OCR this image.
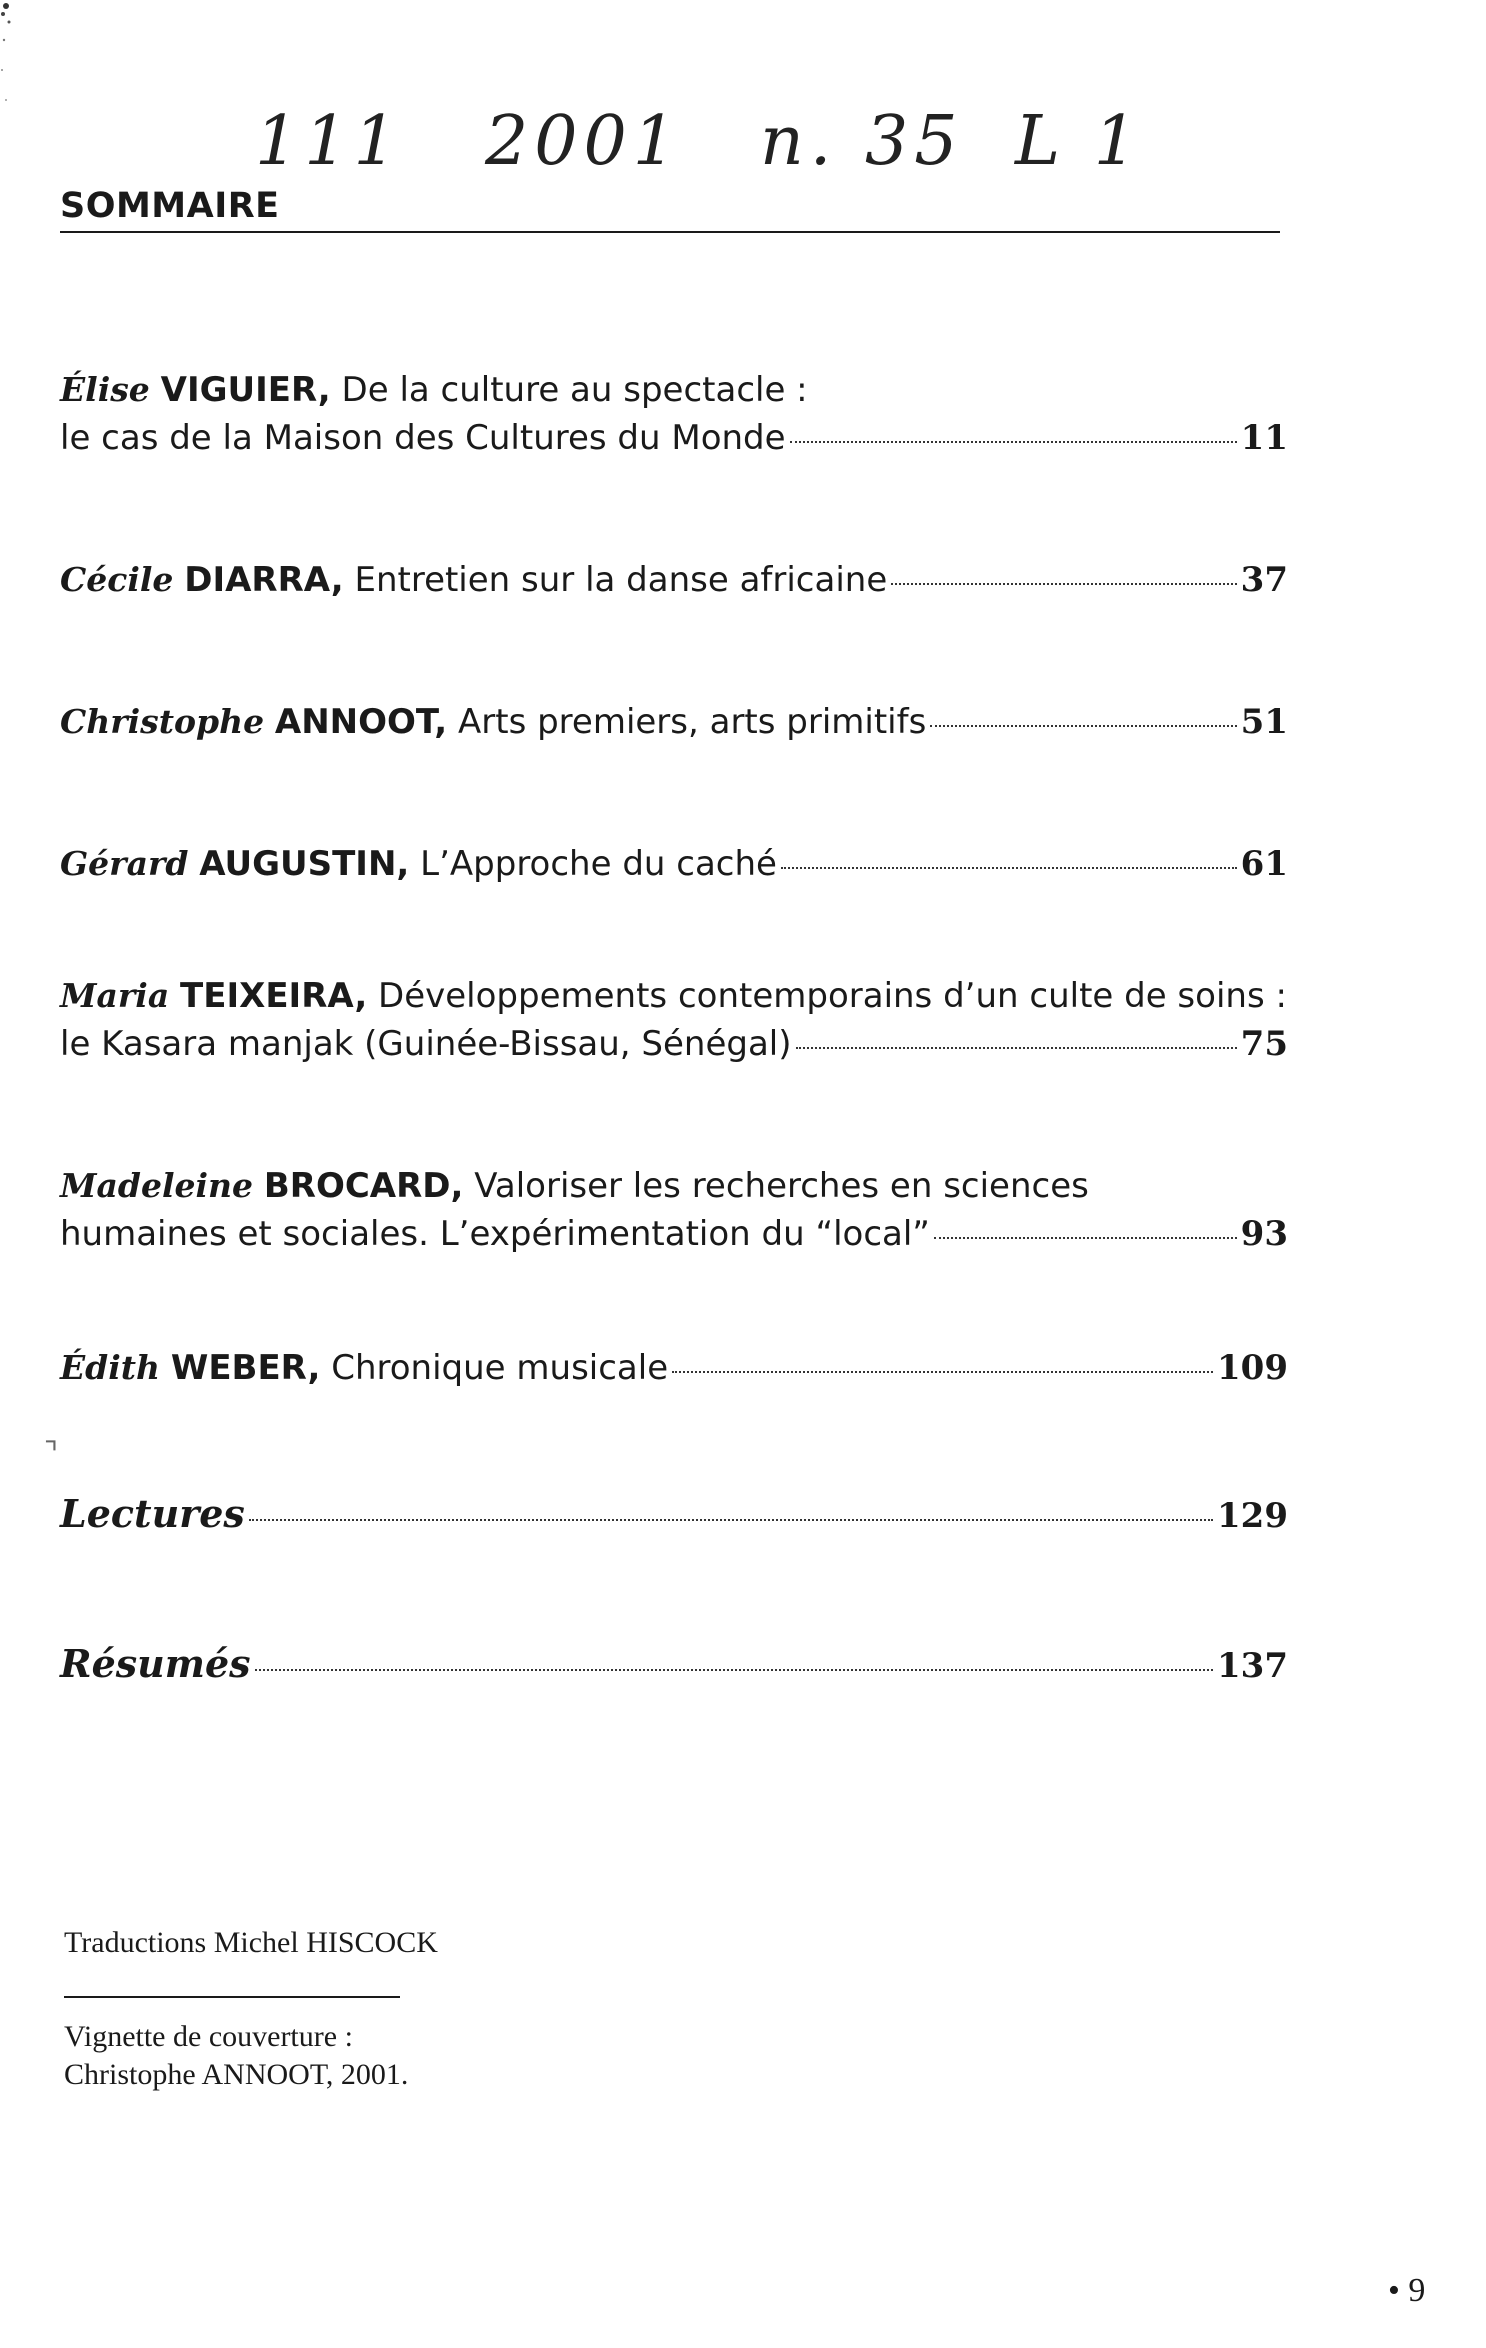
111 2001 n. 35 L 1
SOMMAIRE
Élise
VIGUIER,
De la culture au spectacle :
le cas de la Maison des Cultures du Monde	11
Cécile
DIARRA,
Entretien sur la danse africaine	37
Christophe
ANNOOT,
Arts premiers, arts primitifs	51
Gérard
AUGUSTIN,
L’Approche du caché	61
Maria
TEIXEIRA,
Développements contemporains d’un culte de soins :
le Kasara manjak (Guinée-Bissau, Sénégal)	75
Madeleine
BROCARD,
Valoriser les recherches en sciences
humaines et sociales. L’expérimentation du “local”	93
Édith
WEBER,
Chronique musicale	109
⌝
Lectures	129
Résumés	137
Traductions Michel HISCOCK
Vignette de couverture :
Christophe ANNOOT, 2001.
• 9
